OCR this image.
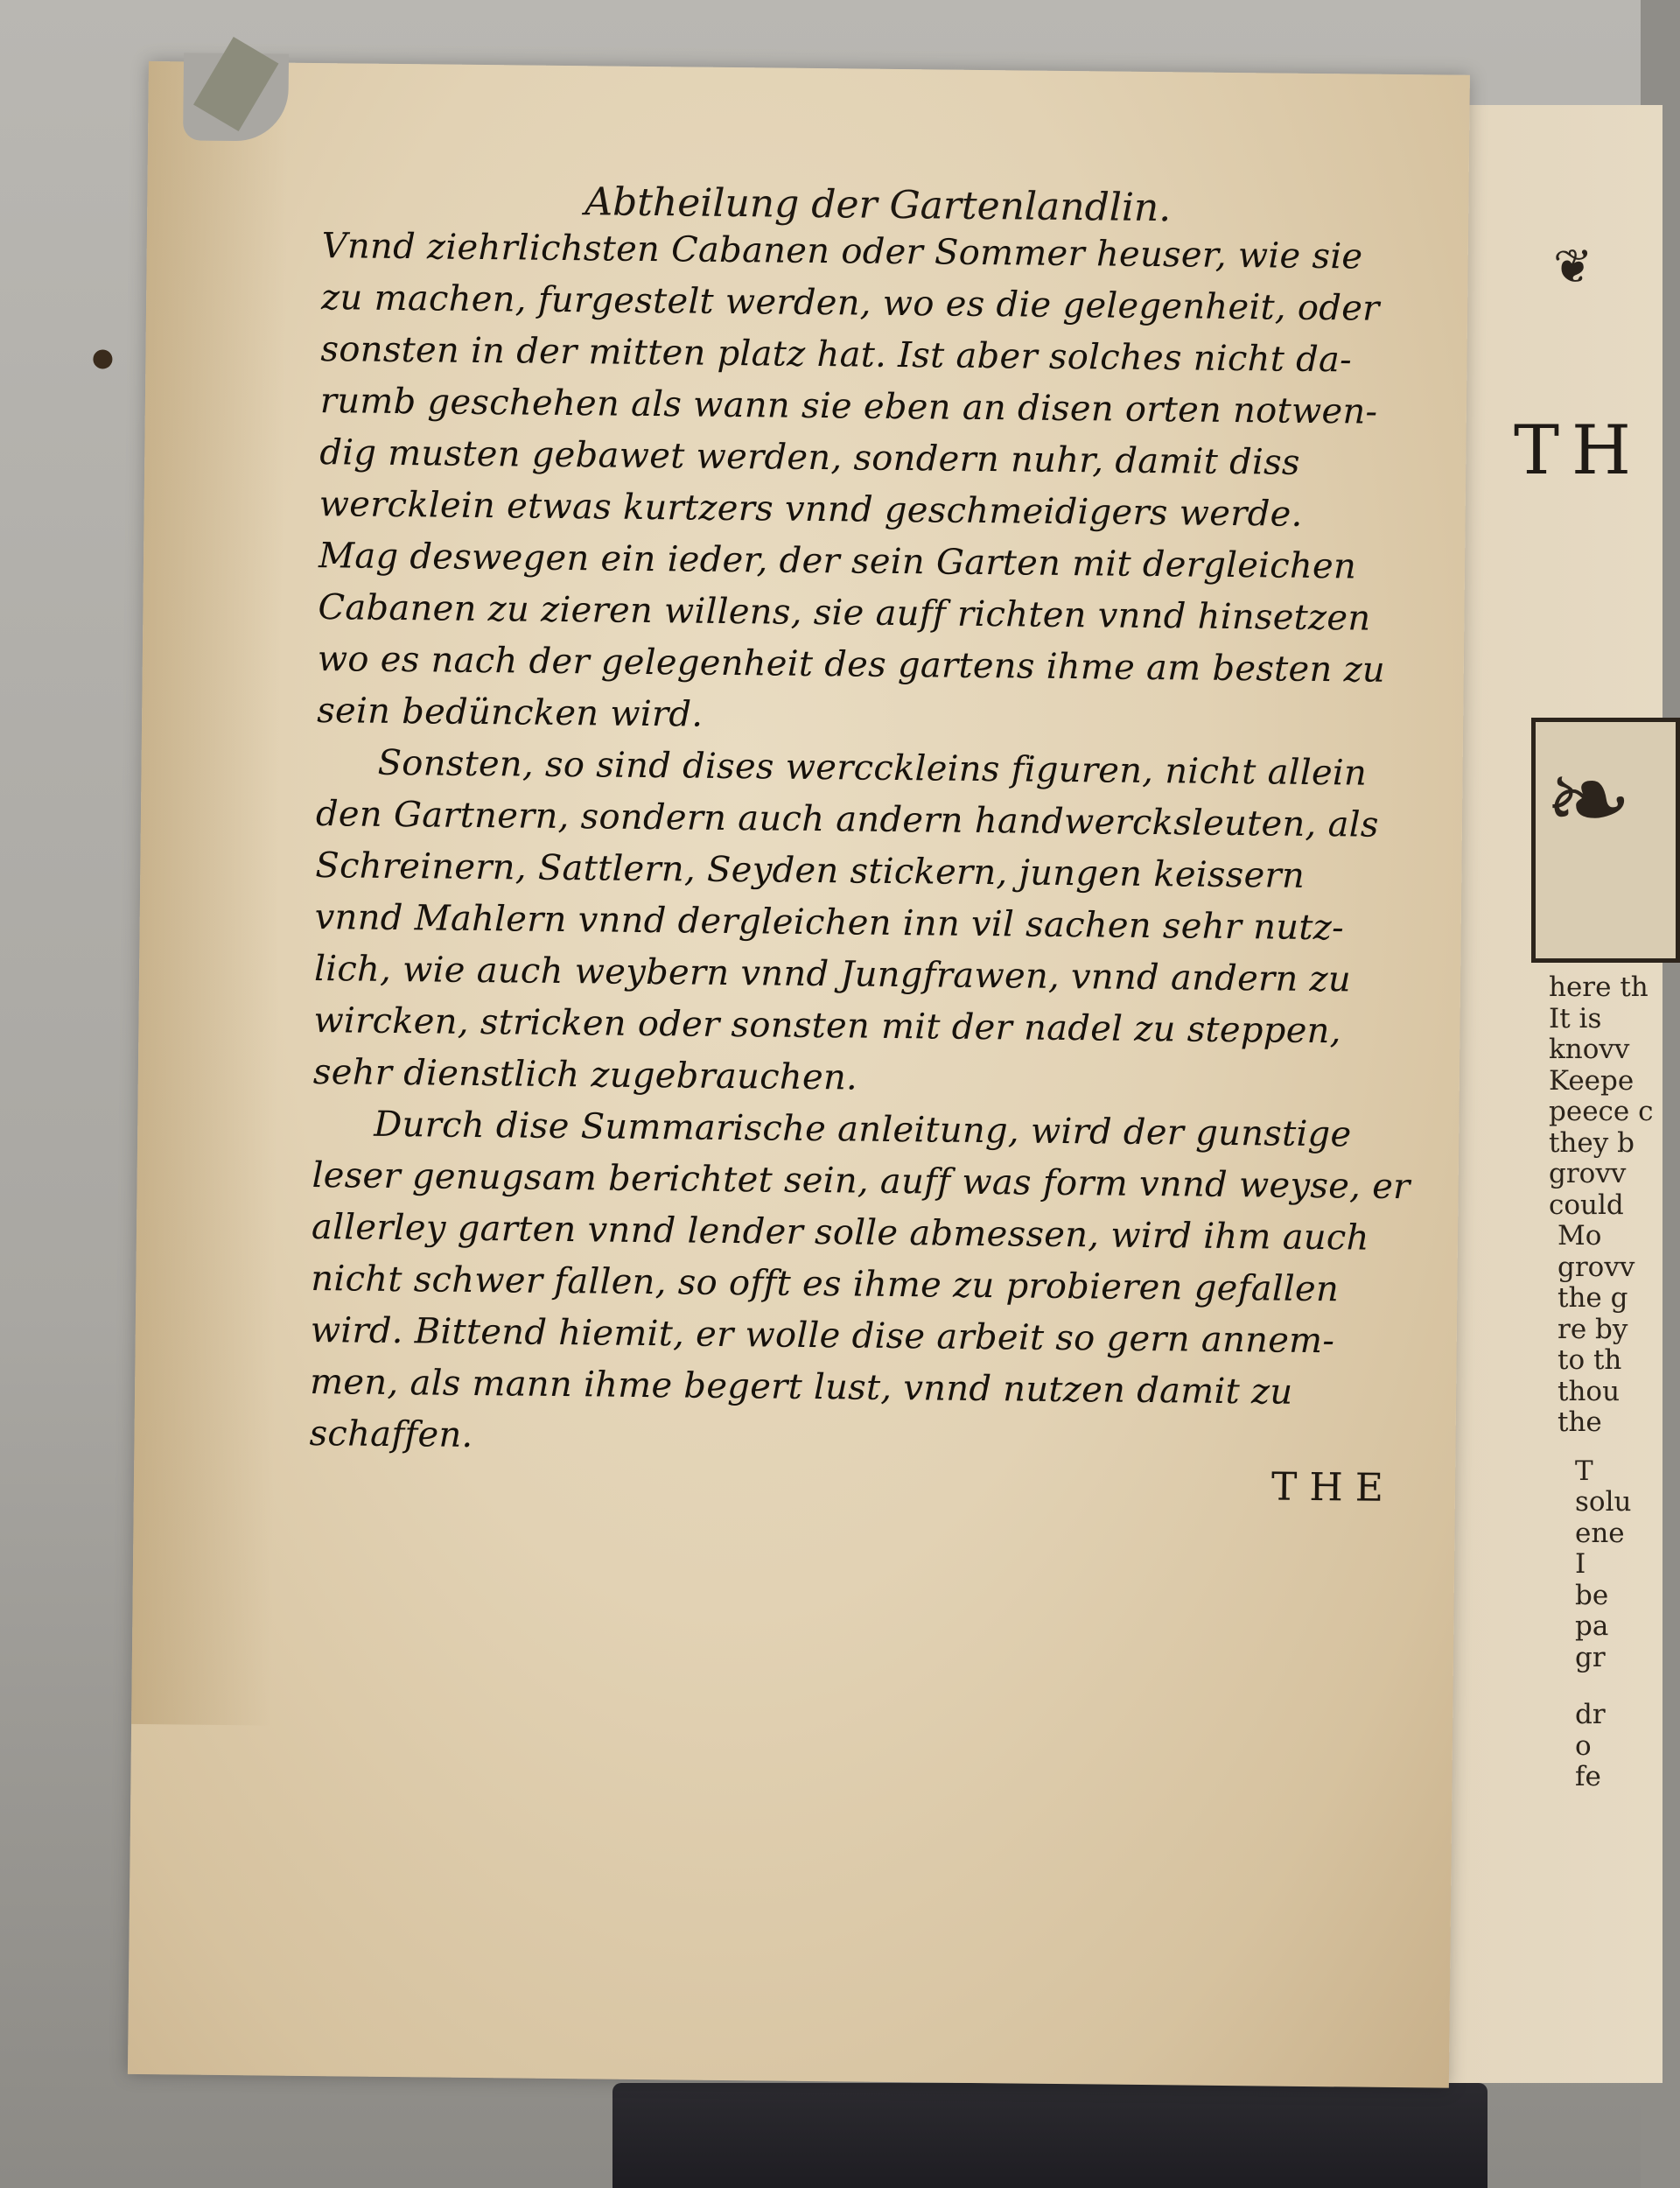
❦
TH
❧
here th
It is
knovv
Keepe
peece c
they b
grovv
could
Mo
grovv
the g
re by
to th
thou
the
T
solu
ene
I
be
pa
gr
dr
o
fe
Abtheilung der Gartenlandlin.
Vnnd ziehrlichsten Cabanen oder Sommer heuser, wie sie
zu machen, furgestelt werden, wo es die gelegenheit, oder
sonsten in der mitten platz hat. Ist aber solches nicht da-
rumb geschehen als wann sie eben an disen orten notwen-
dig musten gebawet werden, sondern nuhr, damit diss
wercklein etwas kurtzers vnnd geschmeidigers werde.
Mag deswegen ein ieder, der sein Garten mit dergleichen
Cabanen zu zieren willens, sie auff richten vnnd hinsetzen
wo es nach der gelegenheit des gartens ihme am besten zu
sein bedüncken wird.
Sonsten, so sind dises wercckleins figuren, nicht allein
den Gartnern, sondern auch andern handwercksleuten, als
Schreinern, Sattlern, Seyden stickern, jungen keissern
vnnd Mahlern vnnd dergleichen inn vil sachen sehr nutz-
lich, wie auch weybern vnnd Jungfrawen, vnnd andern zu
wircken, stricken oder sonsten mit der nadel zu steppen,
sehr dienstlich zugebrauchen.
Durch dise Summarische anleitung, wird der gunstige
leser genugsam berichtet sein, auff was form vnnd weyse, er
allerley garten vnnd lender solle abmessen, wird ihm auch
nicht schwer fallen, so offt es ihme zu probieren gefallen
wird. Bittend hiemit, er wolle dise arbeit so gern annem-
men, als mann ihme begert lust, vnnd nutzen damit zu
schaffen.
THE
